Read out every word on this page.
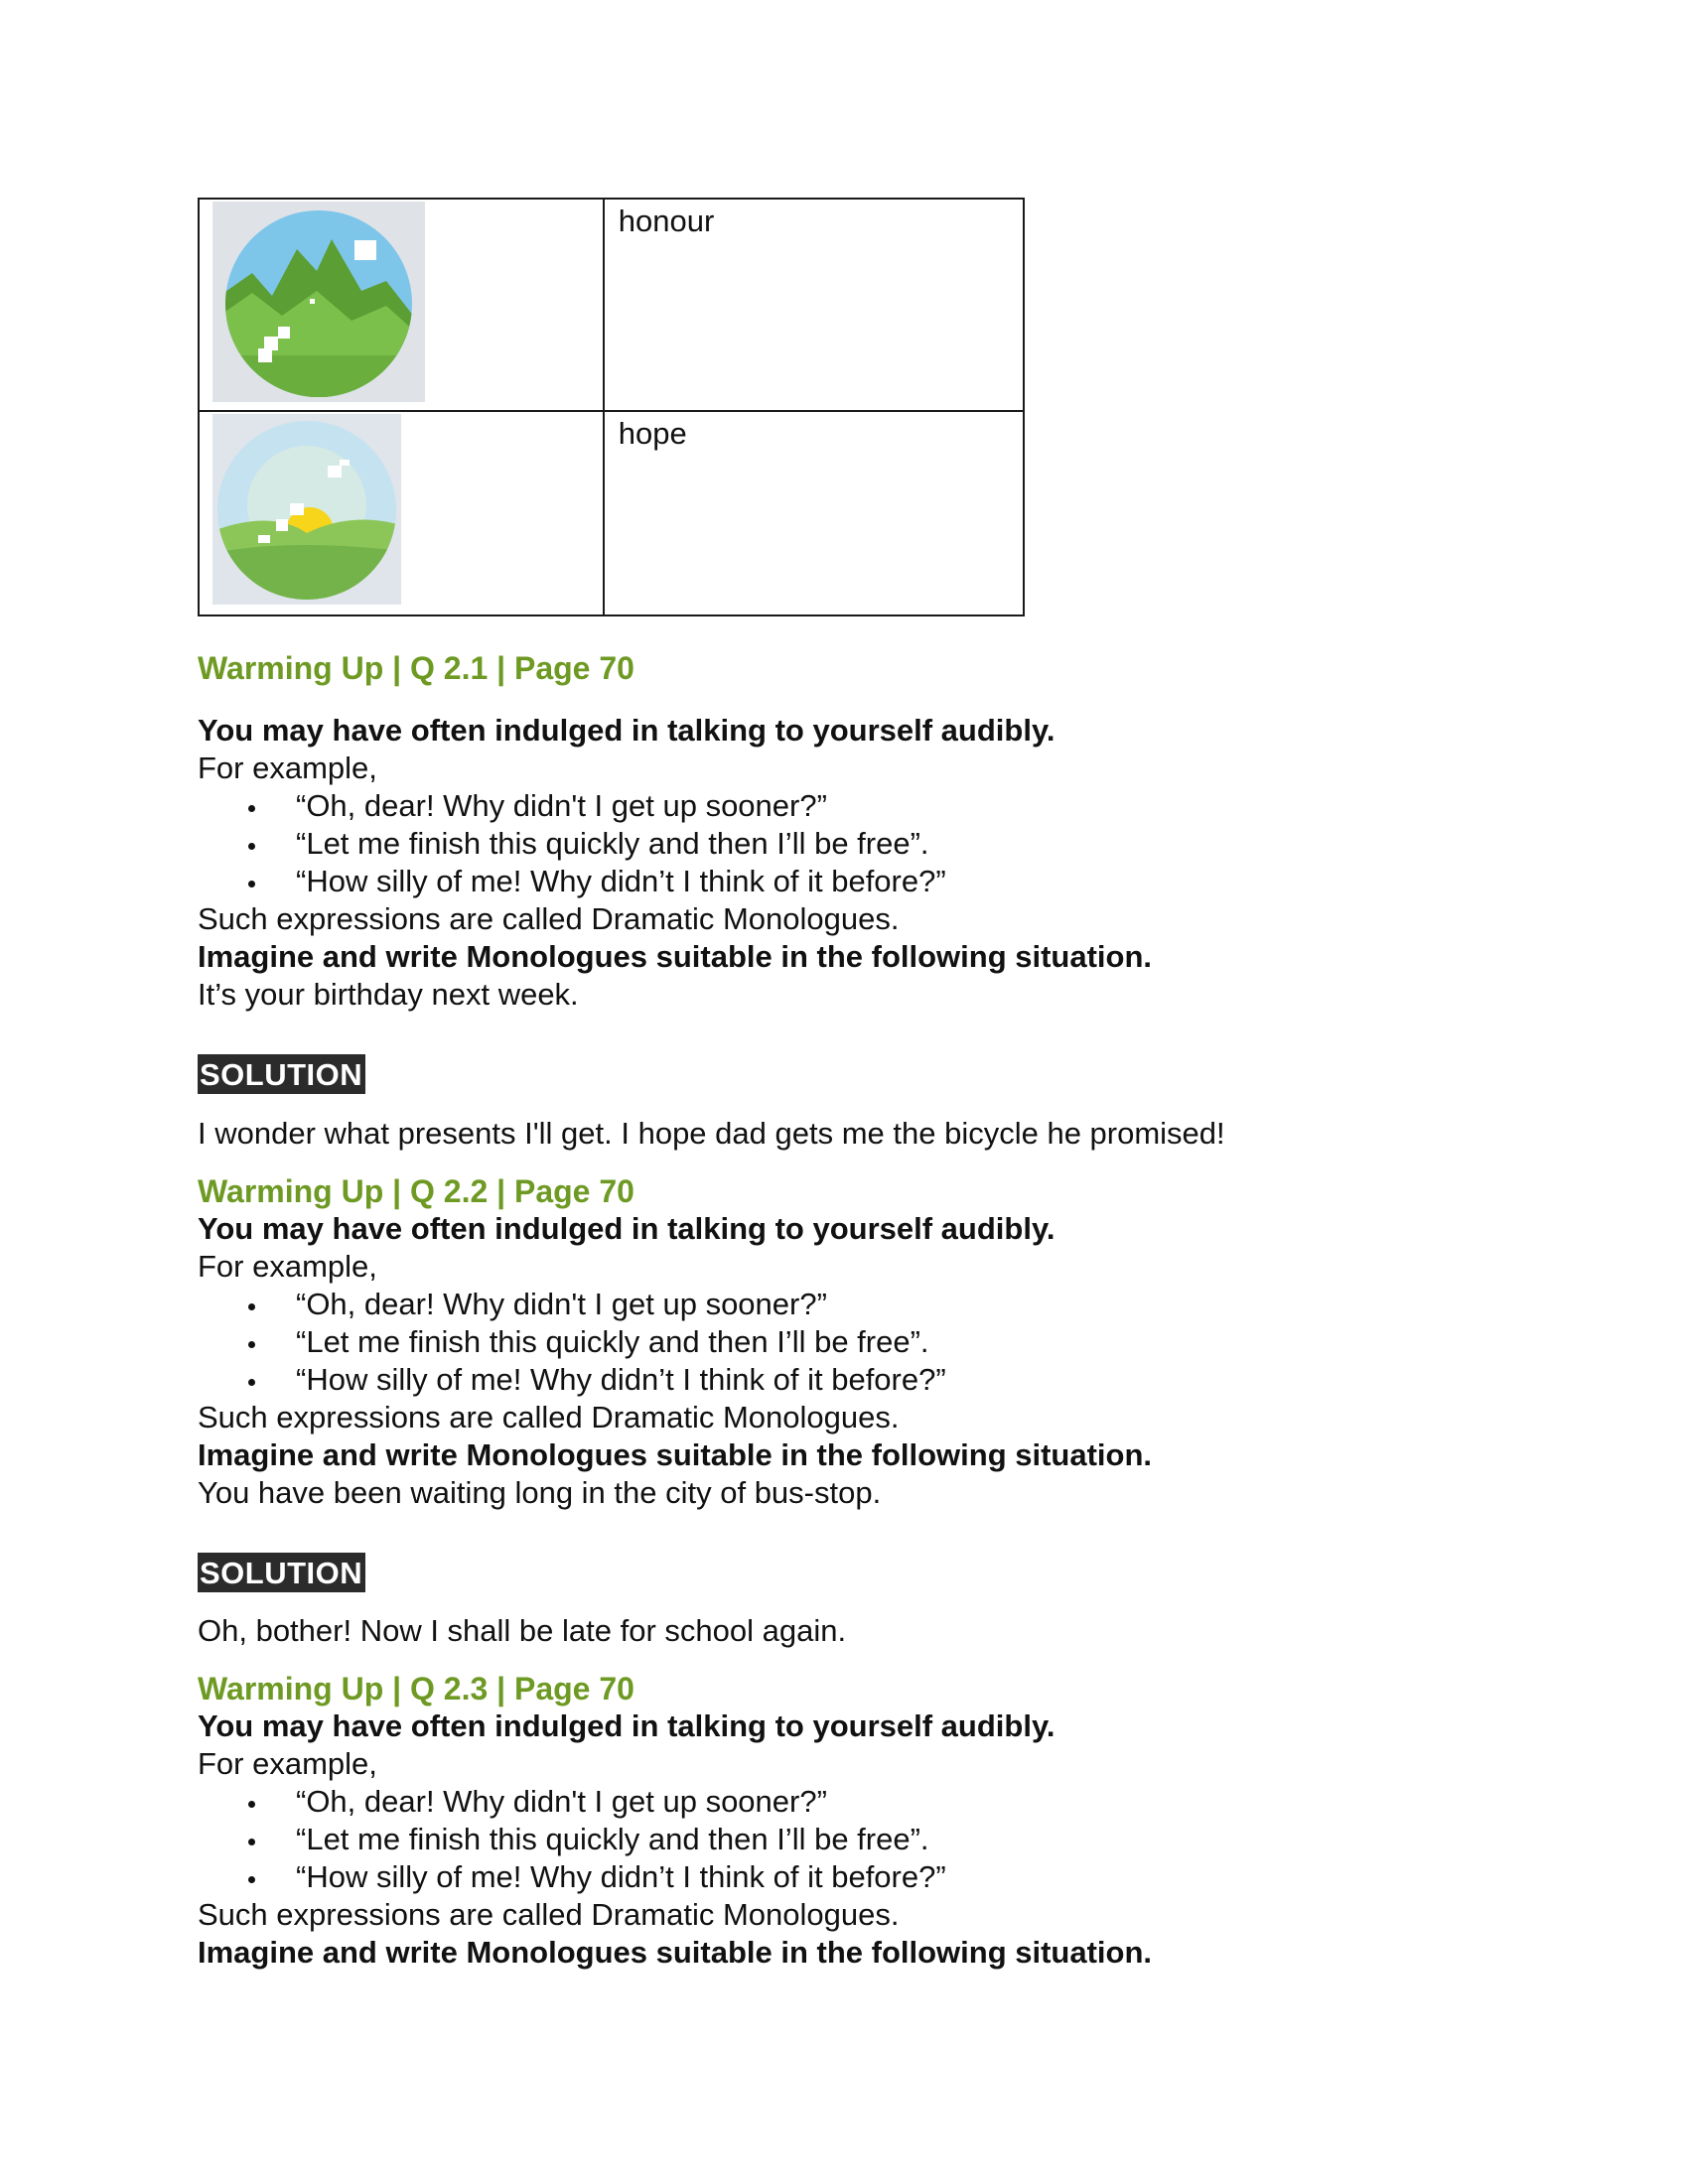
	honour

	hope
Warming Up | Q 2.1 | Page 70
You may have often indulged in talking to yourself audibly.
For example,
“Oh, dear! Why didn't I get up sooner?”
“Let me finish this quickly and then I’ll be free”.
“How silly of me! Why didn’t I think of it before?”
Such expressions are called Dramatic Monologues.
Imagine and write Monologues suitable in the following situation.
It’s your birthday next week.
SOLUTION
I wonder what presents I'll get. I hope dad gets me the bicycle he promised!
Warming Up | Q 2.2 | Page 70
You may have often indulged in talking to yourself audibly.
For example,
“Oh, dear! Why didn't I get up sooner?”
“Let me finish this quickly and then I’ll be free”.
“How silly of me! Why didn’t I think of it before?”
Such expressions are called Dramatic Monologues.
Imagine and write Monologues suitable in the following situation.
You have been waiting long in the city of bus-stop.
SOLUTION
Oh, bother! Now I shall be late for school again.
Warming Up | Q 2.3 | Page 70
You may have often indulged in talking to yourself audibly.
For example,
“Oh, dear! Why didn't I get up sooner?”
“Let me finish this quickly and then I’ll be free”.
“How silly of me! Why didn’t I think of it before?”
Such expressions are called Dramatic Monologues.
Imagine and write Monologues suitable in the following situation.
